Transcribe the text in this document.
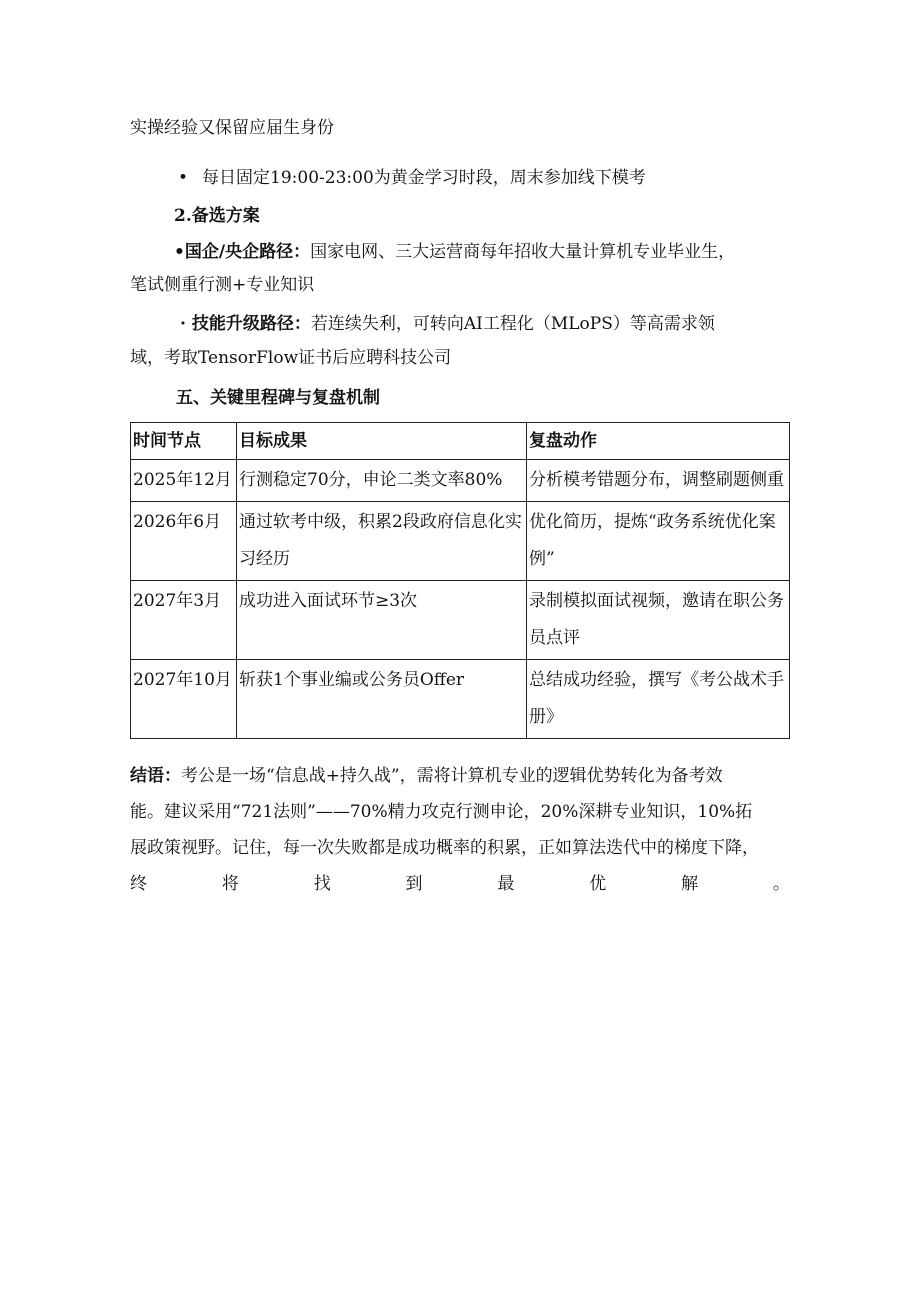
实操经验又保留应届生身份
• 每日固定19:00-23:00为黄金学习时段，周末参加线下模考
2.备选方案
•国企/央企路径：国家电网、三大运营商每年招收大量计算机专业毕业生，
笔试侧重行测+专业知识
· 技能升级路径：若连续失利，可转向AI工程化（MLoPS）等高需求领
域，考取TensorFlow证书后应聘科技公司
五、关键里程碑与复盘机制
时间节点	目标成果	复盘动作
2025年12月	行测稳定70分，申论二类文率80%	分析模考错题分布，调整刷题侧重
2026年6月	通过软考中级，积累2段政府信息化实习经历	优化简历，提炼“政务系统优化案例”
2027年3月	成功进入面试环节≥3次	录制模拟面试视频，邀请在职公务员点评
2027年10月	斩获1个事业编或公务员Offer	总结成功经验，撰写《考公战术手册》
结语：考公是一场“信息战+持久战”，需将计算机专业的逻辑优势转化为备考效
能。建议采用“721法则”——70%精力攻克行测申论，20%深耕专业知识，10%拓
展政策视野。记住，每一次失败都是成功概率的积累，正如算法迭代中的梯度下降，
终	将	找	到	最	优	解	。
